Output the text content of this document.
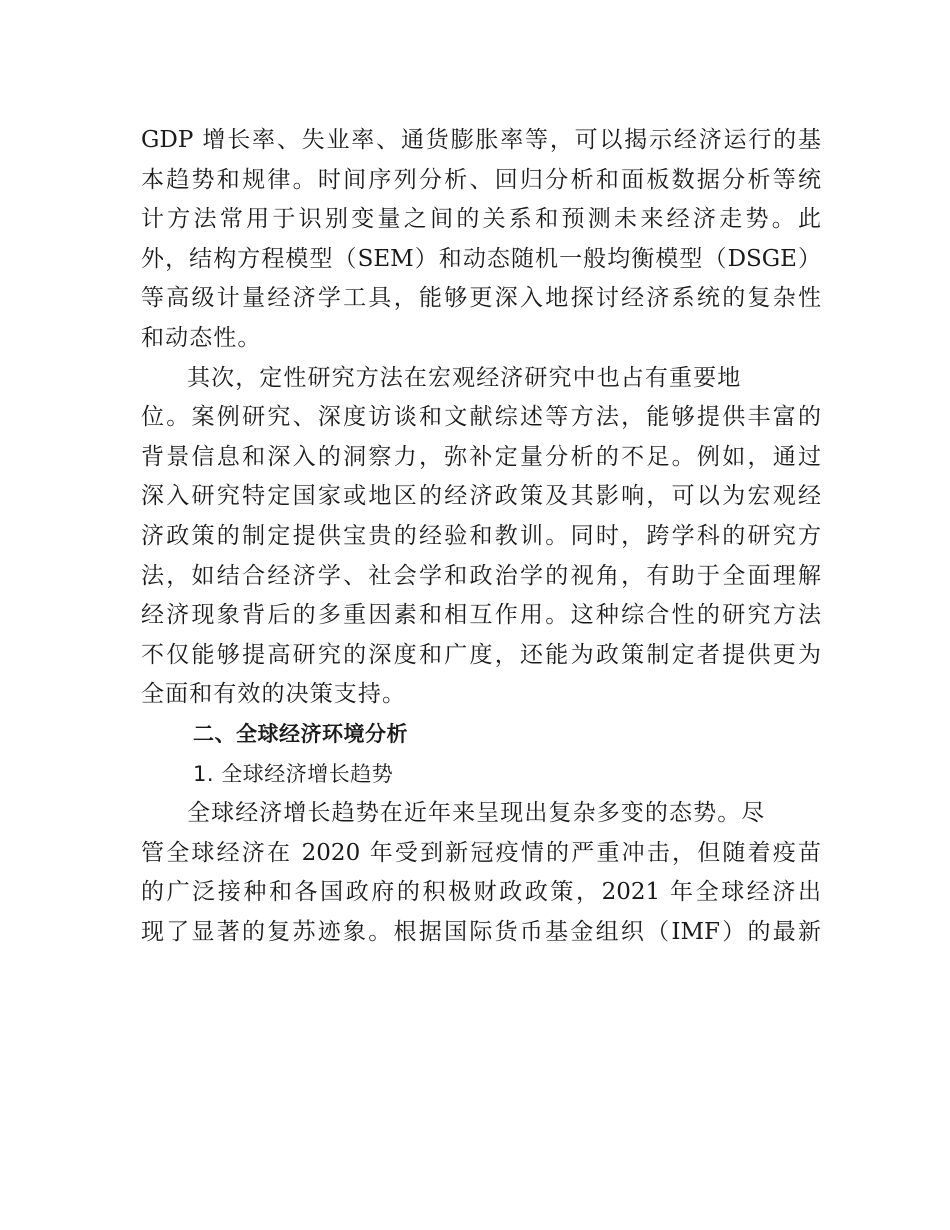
GDP 增长率、失业率、通货膨胀率等，可以揭示经济运行的基
本趋势和规律。时间序列分析、回归分析和面板数据分析等统
计方法常用于识别变量之间的关系和预测未来经济走势。此
外，结构方程模型（SEM）和动态随机一般均衡模型（DSGE）
等高级计量经济学工具，能够更深入地探讨经济系统的复杂性
和动态性。
其次，定性研究方法在宏观经济研究中也占有重要地
位。案例研究、深度访谈和文献综述等方法，能够提供丰富的
背景信息和深入的洞察力，弥补定量分析的不足。例如，通过
深入研究特定国家或地区的经济政策及其影响，可以为宏观经
济政策的制定提供宝贵的经验和教训。同时，跨学科的研究方
法，如结合经济学、社会学和政治学的视角，有助于全面理解
经济现象背后的多重因素和相互作用。这种综合性的研究方法
不仅能够提高研究的深度和广度，还能为政策制定者提供更为
全面和有效的决策支持。
二、全球经济环境分析
1. 全球经济增长趋势
全球经济增长趋势在近年来呈现出复杂多变的态势。尽
管全球经济在 2020 年受到新冠疫情的严重冲击，但随着疫苗
的广泛接种和各国政府的积极财政政策，2021 年全球经济出
现了显著的复苏迹象。根据国际货币基金组织（IMF）的最新
